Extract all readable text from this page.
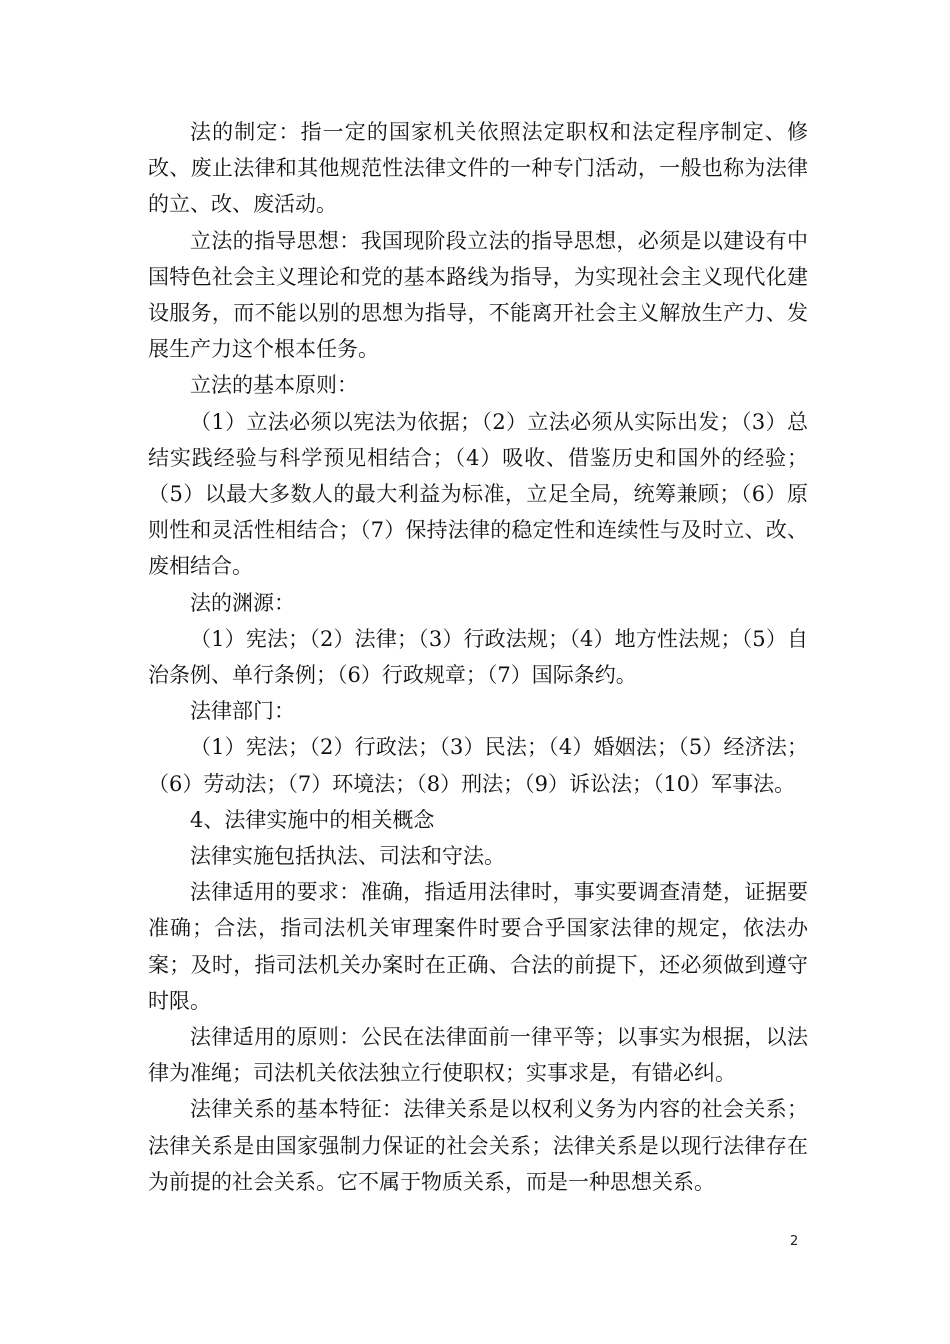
法的制定：指一定的国家机关依照法定职权和法定程序制定、修改、废止法律和其他规范性法律文件的一种专门活动，一般也称为法律的立、改、废活动。

立法的指导思想：我国现阶段立法的指导思想，必须是以建设有中国特色社会主义理论和党的基本路线为指导，为实现社会主义现代化建设服务，而不能以别的思想为指导，不能离开社会主义解放生产力、发展生产力这个根本任务。

立法的基本原则：

（1）立法必须以宪法为依据；（2）立法必须从实际出发；（3）总结实践经验与科学预见相结合；（4）吸收、借鉴历史和国外的经验；（5）以最大多数人的最大利益为标准，立足全局，统筹兼顾；（6）原则性和灵活性相结合；（7）保持法律的稳定性和连续性与及时立、改、废相结合。

法的渊源：

（1）宪法；（2）法律；（3）行政法规；（4）地方性法规；（5）自治条例、单行条例；（6）行政规章；（7）国际条约。

法律部门：

（1）宪法；（2）行政法；（3）民法；（4）婚姻法；（5）经济法；（6）劳动法；（7）环境法；（8）刑法；（9）诉讼法；（10）军事法。

4、法律实施中的相关概念

法律实施包括执法、司法和守法。

法律适用的要求：准确，指适用法律时，事实要调查清楚，证据要准确；合法，指司法机关审理案件时要合乎国家法律的规定，依法办案；及时，指司法机关办案时在正确、合法的前提下，还必须做到遵守时限。

法律适用的原则：公民在法律面前一律平等；以事实为根据，以法律为准绳；司法机关依法独立行使职权；实事求是，有错必纠。

法律关系的基本特征：法律关系是以权利义务为内容的社会关系；法律关系是由国家强制力保证的社会关系；法律关系是以现行法律存在为前提的社会关系。它不属于物质关系，而是一种思想关系。

2
